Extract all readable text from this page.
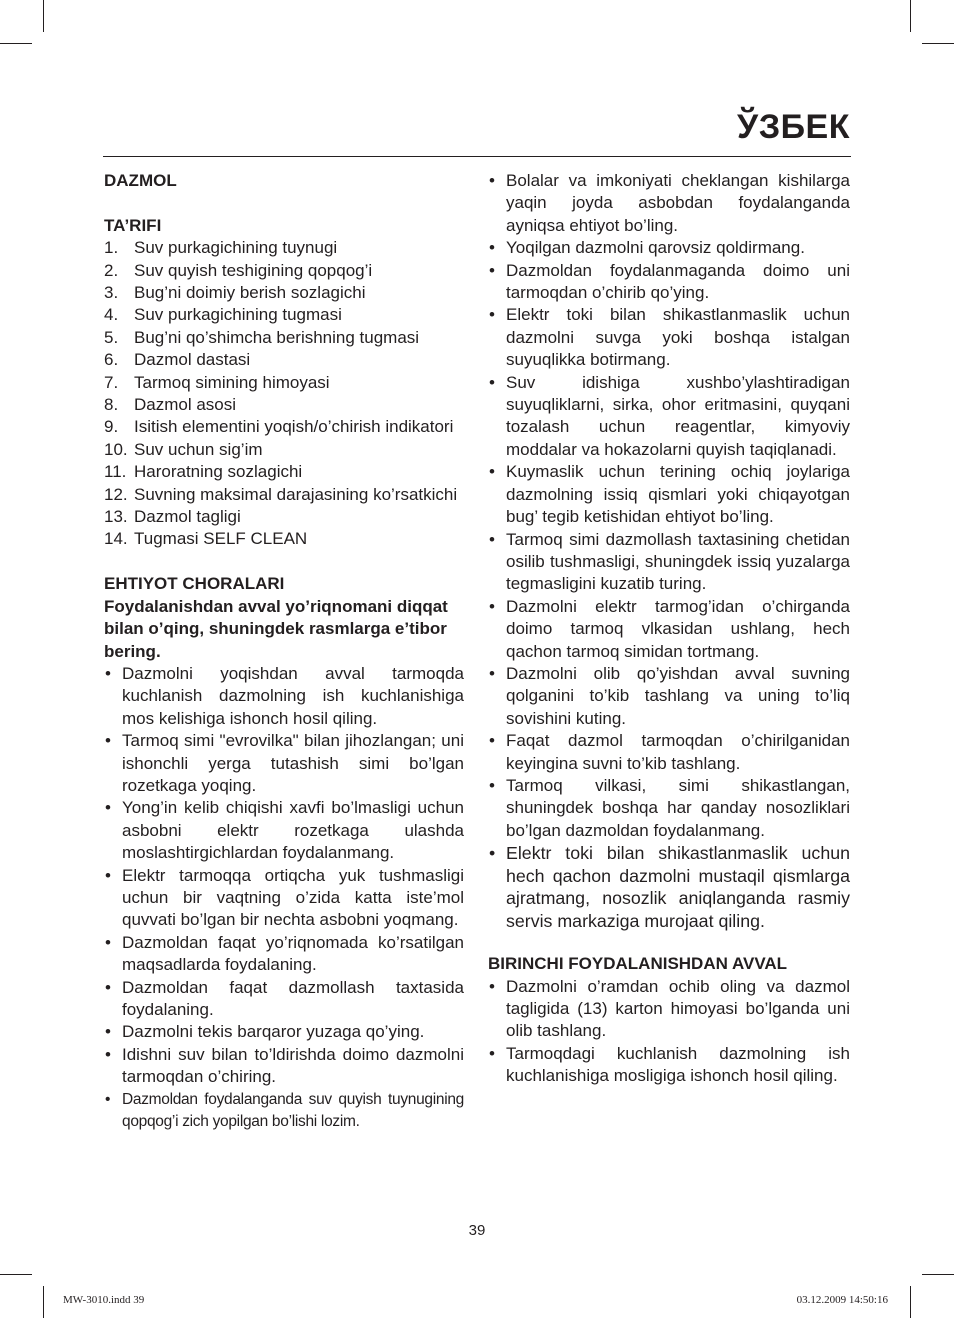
ЎЗБЕК

DAZMOL

TA’RIFI

1. Suv purkagichining tuynugi
2. Suv quyish teshigining qopqog’i
3. Bug’ni doimiy berish sozlagichi
4. Suv purkagichining tugmasi
5. Bug’ni qo’shimcha berishning tugmasi
6. Dazmol dastasi
7. Tarmoq simining himoyasi
8. Dazmol asosi
9. Isitish elementini yoqish/o’chirish indikatori
10. Suv uchun sig’im
11. Haroratning sozlagichi
12. Suvning maksimal darajasining ko’rsatkichi
13. Dazmol tagligi
14. Tugmasi SELF CLEAN

EHTIYOT CHORALARI

Foydalanishdan avval yo’riqnomani diqqat bilan o’qing, shuningdek rasmlarga e’tibor bering.

• Dazmolni yoqishdan avval tarmoqda kuchlanish dazmolning ish kuchlanishiga mos kelishiga ishonch hosil qiling.
• Tarmoq simi "evrovilka" bilan jihozlangan; uni ishonchli yerga tutashish simi bo’lgan rozetkaga yoqing.
• Yong’in kelib chiqishi xavfi bo’lmasligi uchun asbobni elektr rozetkaga ulashda moslashtirgichlardan foydalanmang.
• Elektr tarmoqqa ortiqcha yuk tushmasligi uchun bir vaqtning o’zida katta iste’mol quvvati bo’lgan bir nechta asbobni yoqmang.
• Dazmoldan faqat yo’riqnomada ko’rsatilgan maqsadlarda foydalaning.
• Dazmoldan faqat dazmollash taxtasida foydalaning.
• Dazmolni tekis barqaror yuzaga qo’ying.
• Idishni suv bilan to’ldirishda doimo dazmolni tarmoqdan o’chiring.
• Dazmoldan foydalanganda suv quyish tuynugining qopqog’i zich yopilgan bo’lishi lozim.
• Bolalar va imkoniyati cheklangan kishilarga yaqin joyda asbobdan foydalanganda ayniqsa ehtiyot bo’ling.
• Yoqilgan dazmolni qarovsiz qoldirmang.
• Dazmoldan foydalanmaganda doimo uni tarmoqdan o’chirib qo’ying.
• Elektr toki bilan shikastlanmaslik uchun dazmolni suvga yoki boshqa istalgan suyuqlikka botirmang.
• Suv idishiga xushbo’ylashtiradigan suyuqliklarni, sirka, ohor eritmasini, quyqani tozalash uchun reagentlar, kimyoviy moddalar va hokazolarni quyish taqiqlanadi.
• Kuymaslik uchun terining ochiq joylariga dazmolning issiq qismlari yoki chiqayotgan bug’ tegib ketishidan ehtiyot bo’ling.
• Tarmoq simi dazmollash taxtasining chetidan osilib tushmasligi, shuningdek issiq yuzalarga tegmasligini kuzatib turing.
• Dazmolni elektr tarmog’idan o’chirganda doimo tarmoq vlkasidan ushlang, hech qachon tarmoq simidan tortmang.
• Dazmolni olib qo’yishdan avval suvning qolganini to’kib tashlang va uning to’liq sovishini kuting.
• Faqat dazmol tarmoqdan o’chirilganidan keyingina suvni to’kib tashlang.
• Tarmoq vilkasi, simi shikastlangan, shuningdek boshqa har qanday nosozliklari bo’lgan dazmoldan foydalanmang.
• Elektr toki bilan shikastlanmaslik uchun hech qachon dazmolni mustaqil qismlarga ajratmang, nosozlik aniqlanganda rasmiy servis markaziga murojaat qiling.

BIRINCHI FOYDALANISHDAN AVVAL

• Dazmolni o’ramdan ochib oling va dazmol tagligida (13) karton himoyasi bo’lganda uni olib tashlang.
• Tarmoqdagi kuchlanish dazmolning ish kuchlanishiga mosligiga ishonch hosil qiling.
39
MW-3010.indd 39	03.12.2009 14:50:16
